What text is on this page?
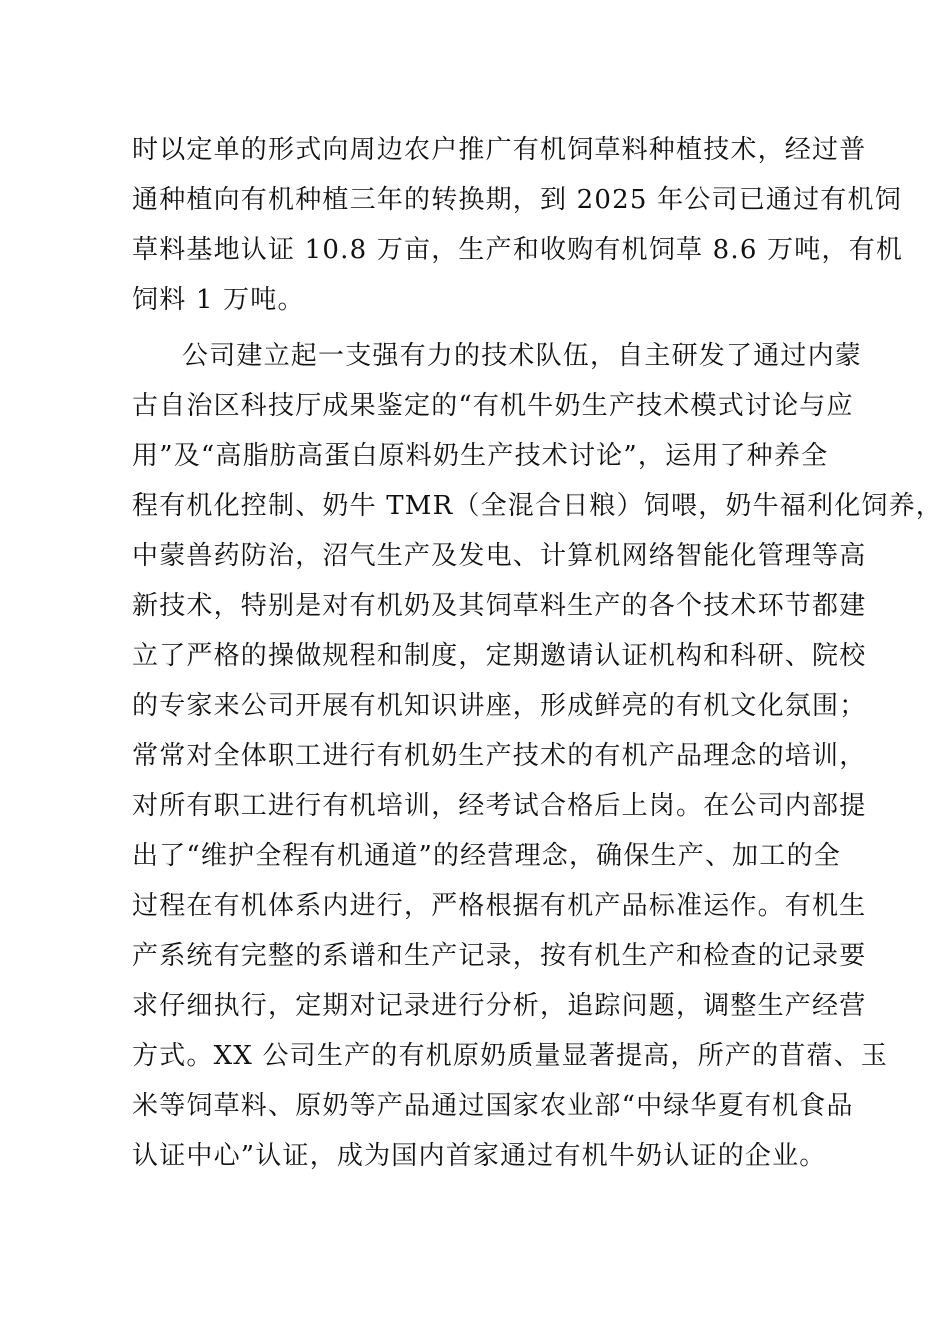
时以定单的形式向周边农户推广有机饲草料种植技术，经过普
通种植向有机种植三年的转换期，到 2025 年公司已通过有机饲
草料基地认证 10.8 万亩，生产和收购有机饲草 8.6 万吨，有机
饲料 1 万吨。
公司建立起一支强有力的技术队伍，自主研发了通过内蒙
古自治区科技厅成果鉴定的“有机牛奶生产技术模式讨论与应
用”及“高脂肪高蛋白原料奶生产技术讨论”，运用了种养全
程有机化控制、奶牛 TMR（全混合日粮）饲喂，奶牛福利化饲养，
中蒙兽药防治，沼气生产及发电、计算机网络智能化管理等高
新技术，特别是对有机奶及其饲草料生产的各个技术环节都建
立了严格的操做规程和制度，定期邀请认证机构和科研、院校
的专家来公司开展有机知识讲座，形成鲜亮的有机文化氛围；
常常对全体职工进行有机奶生产技术的有机产品理念的培训，
对所有职工进行有机培训，经考试合格后上岗。在公司内部提
出了“维护全程有机通道”的经营理念，确保生产、加工的全
过程在有机体系内进行，严格根据有机产品标准运作。有机生
产系统有完整的系谱和生产记录，按有机生产和检查的记录要
求仔细执行，定期对记录进行分析，追踪问题，调整生产经营
方式。XX 公司生产的有机原奶质量显著提高，所产的苜蓿、玉
米等饲草料、原奶等产品通过国家农业部“中绿华夏有机食品
认证中心”认证，成为国内首家通过有机牛奶认证的企业。
